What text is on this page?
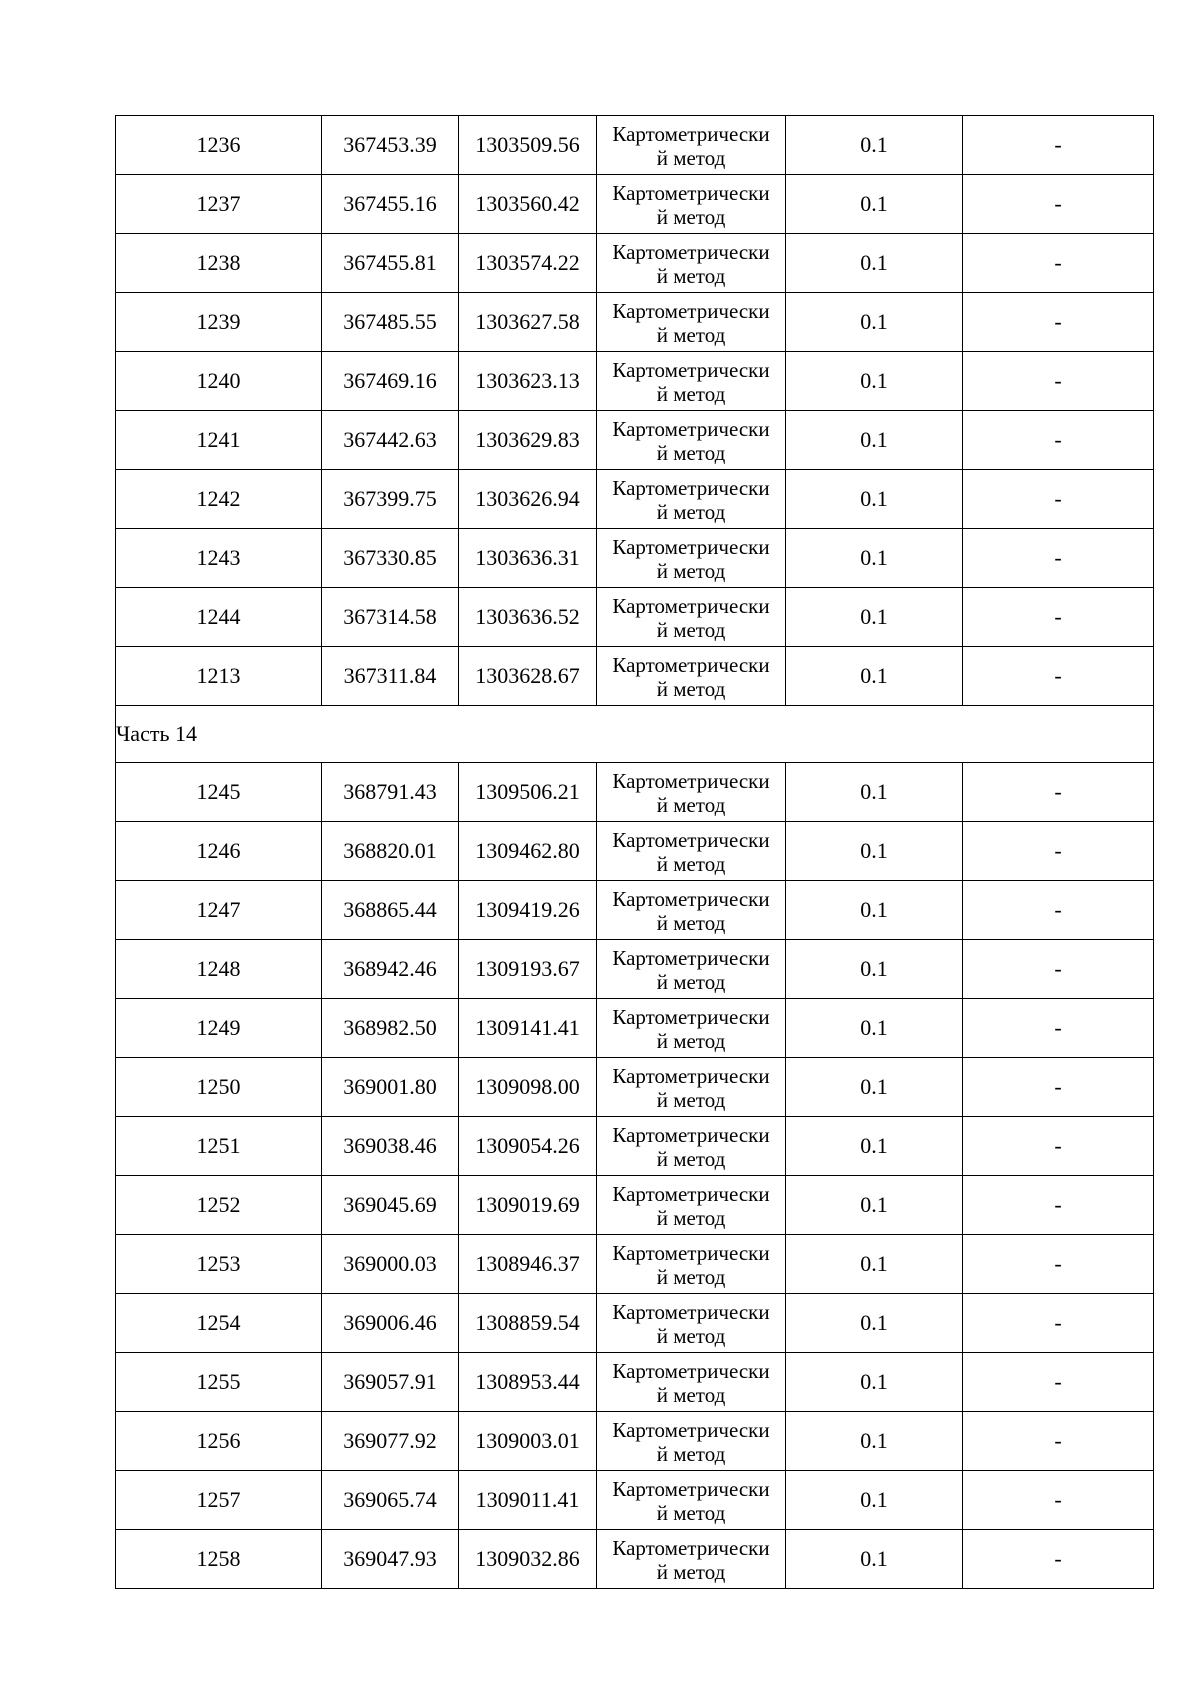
1236	367453.39	1303509.56	Картометрически
й метод	0.1	-
1237	367455.16	1303560.42	Картометрически
й метод	0.1	-
1238	367455.81	1303574.22	Картометрически
й метод	0.1	-
1239	367485.55	1303627.58	Картометрически
й метод	0.1	-
1240	367469.16	1303623.13	Картометрически
й метод	0.1	-
1241	367442.63	1303629.83	Картометрически
й метод	0.1	-
1242	367399.75	1303626.94	Картометрически
й метод	0.1	-
1243	367330.85	1303636.31	Картометрически
й метод	0.1	-
1244	367314.58	1303636.52	Картометрически
й метод	0.1	-
1213	367311.84	1303628.67	Картометрически
й метод	0.1	-
Часть 14					
1245	368791.43	1309506.21	Картометрически
й метод	0.1	-
1246	368820.01	1309462.80	Картометрически
й метод	0.1	-
1247	368865.44	1309419.26	Картометрически
й метод	0.1	-
1248	368942.46	1309193.67	Картометрически
й метод	0.1	-
1249	368982.50	1309141.41	Картометрически
й метод	0.1	-
1250	369001.80	1309098.00	Картометрически
й метод	0.1	-
1251	369038.46	1309054.26	Картометрически
й метод	0.1	-
1252	369045.69	1309019.69	Картометрически
й метод	0.1	-
1253	369000.03	1308946.37	Картометрически
й метод	0.1	-
1254	369006.46	1308859.54	Картометрически
й метод	0.1	-
1255	369057.91	1308953.44	Картометрически
й метод	0.1	-
1256	369077.92	1309003.01	Картометрически
й метод	0.1	-
1257	369065.74	1309011.41	Картометрически
й метод	0.1	-
1258	369047.93	1309032.86	Картометрически
й метод	0.1	-
